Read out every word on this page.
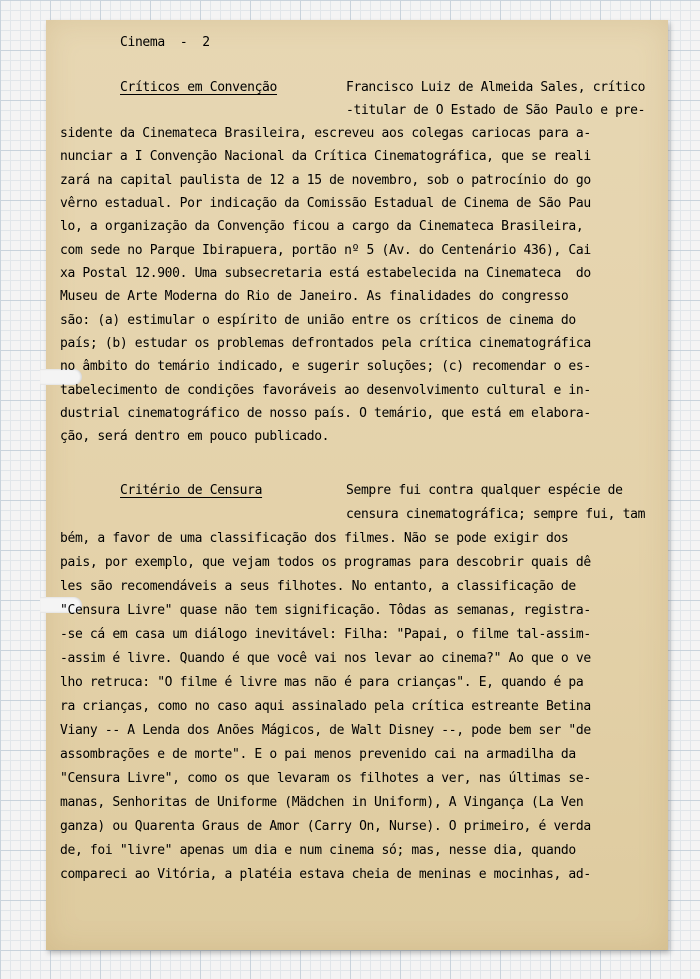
Cinema  -  2
Críticos em Convenção	Francisco Luiz de Almeida Sales, crítico
-titular de O Estado de São Paulo e pre-
sidente da Cinemateca Brasileira, escreveu aos colegas cariocas para a-
nunciar a I Convenção Nacional da Crítica Cinematográfica, que se reali
zará na capital paulista de 12 a 15 de novembro, sob o patrocínio do go
vêrno estadual. Por indicação da Comissão Estadual de Cinema de São Pau
lo, a organização da Convenção ficou a cargo da Cinemateca Brasileira,
com sede no Parque Ibirapuera, portão nº 5 (Av. do Centenário 436), Cai
xa Postal 12.900. Uma subsecretaria está estabelecida na Cinemateca  do
Museu de Arte Moderna do Rio de Janeiro. As finalidades do congresso
são: (a) estimular o espírito de união entre os críticos de cinema do
país; (b) estudar os problemas defrontados pela crítica cinematográfica
no âmbito do temário indicado, e sugerir soluções; (c) recomendar o es-
tabelecimento de condições favoráveis ao desenvolvimento cultural e in-
dustrial cinematográfico de nosso país. O temário, que está em elabora-
ção, será dentro em pouco publicado.
Critério de Censura	Sempre fui contra qualquer espécie de
censura cinematográfica; sempre fui, tam
bém, a favor de uma classificação dos filmes. Não se pode exigir dos
pais, por exemplo, que vejam todos os programas para descobrir quais dê
les são recomendáveis a seus filhotes. No entanto, a classificação de
"Censura Livre" quase não tem significação. Tôdas as semanas, registra-
-se cá em casa um diálogo inevitável: Filha: "Papai, o filme tal-assim-
-assim é livre. Quando é que você vai nos levar ao cinema?" Ao que o ve
lho retruca: "O filme é livre mas não é para crianças". E, quando é pa
ra crianças, como no caso aqui assinalado pela crítica estreante Betina
Viany -- A Lenda dos Anões Mágicos, de Walt Disney --, pode bem ser "de
assombrações e de morte". E o pai menos prevenido cai na armadilha da
"Censura Livre", como os que levaram os filhotes a ver, nas últimas se-
manas, Senhoritas de Uniforme (Mädchen in Uniform), A Vingança (La Ven
ganza) ou Quarenta Graus de Amor (Carry On, Nurse). O primeiro, é verda
de, foi "livre" apenas um dia e num cinema só; mas, nesse dia, quando
compareci ao Vitória, a platéia estava cheia de meninas e mocinhas, ad-
